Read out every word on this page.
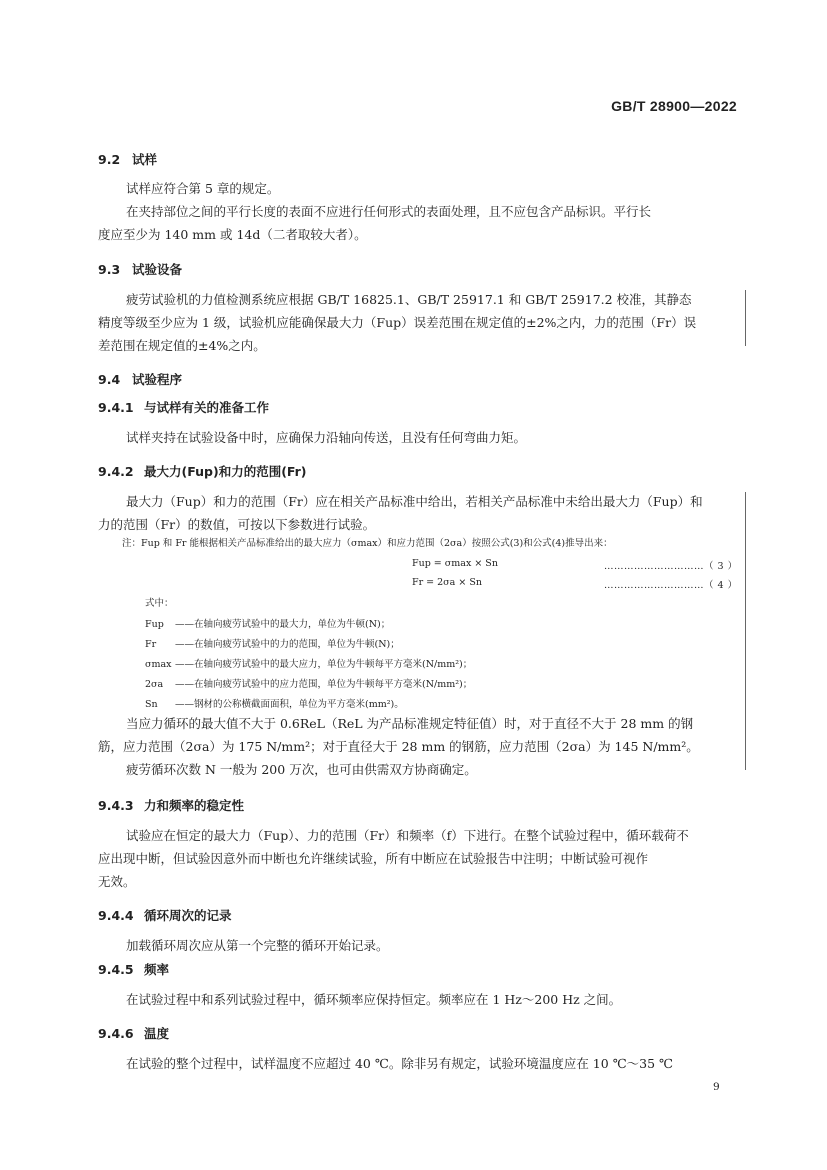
GB/T 28900—2022
9.2 试样
试样应符合第 5 章的规定。
在夹持部位之间的平行长度的表面不应进行任何形式的表面处理，且不应包含产品标识。平行长
度应至少为 140 mm 或 14d（二者取较大者）。
9.3 试验设备
疲劳试验机的力值检测系统应根据 GB/T 16825.1、GB/T 25917.1 和 GB/T 25917.2 校准，其静态
精度等级至少应为 1 级，试验机应能确保最大力（Fup）误差范围在规定值的±2%之内，力的范围（Fr）误
差范围在规定值的±4%之内。
9.4 试验程序
9.4.1 与试样有关的准备工作
试样夹持在试验设备中时，应确保力沿轴向传送，且没有任何弯曲力矩。
9.4.2 最大力(Fup)和力的范围(Fr)
最大力（Fup）和力的范围（Fr）应在相关产品标准中给出，若相关产品标准中未给出最大力（Fup）和
力的范围（Fr）的数值，可按以下参数进行试验。
注：Fup 和 Fr 能根据相关产品标准给出的最大应力（σmax）和应力范围（2σa）按照公式(3)和公式(4)推导出来：
Fup = σmax × Sn	…………………………（ 3 ）
Fr = 2σa × Sn	…………………………（ 4 ）
式中：
Fup ——在轴向疲劳试验中的最大力，单位为牛顿(N)；
Fr ——在轴向疲劳试验中的力的范围，单位为牛顿(N)；
σmax ——在轴向疲劳试验中的最大应力，单位为牛顿每平方毫米(N/mm²)；
2σa ——在轴向疲劳试验中的应力范围，单位为牛顿每平方毫米(N/mm²)；
Sn ——钢材的公称横截面面积，单位为平方毫米(mm²)。
当应力循环的最大值不大于 0.6ReL（ReL 为产品标准规定特征值）时，对于直径不大于 28 mm 的钢
筋，应力范围（2σa）为 175 N/mm²；对于直径大于 28 mm 的钢筋，应力范围（2σa）为 145 N/mm²。
疲劳循环次数 N 一般为 200 万次，也可由供需双方协商确定。
9.4.3 力和频率的稳定性
试验应在恒定的最大力（Fup）、力的范围（Fr）和频率（f）下进行。在整个试验过程中，循环载荷不
应出现中断，但试验因意外而中断也允许继续试验，所有中断应在试验报告中注明；中断试验可视作
无效。
9.4.4 循环周次的记录
加载循环周次应从第一个完整的循环开始记录。
9.4.5 频率
在试验过程中和系列试验过程中，循环频率应保持恒定。频率应在 1 Hz～200 Hz 之间。
9.4.6 温度
在试验的整个过程中，试样温度不应超过 40 ℃。除非另有规定，试验环境温度应在 10 ℃～35 ℃
9
